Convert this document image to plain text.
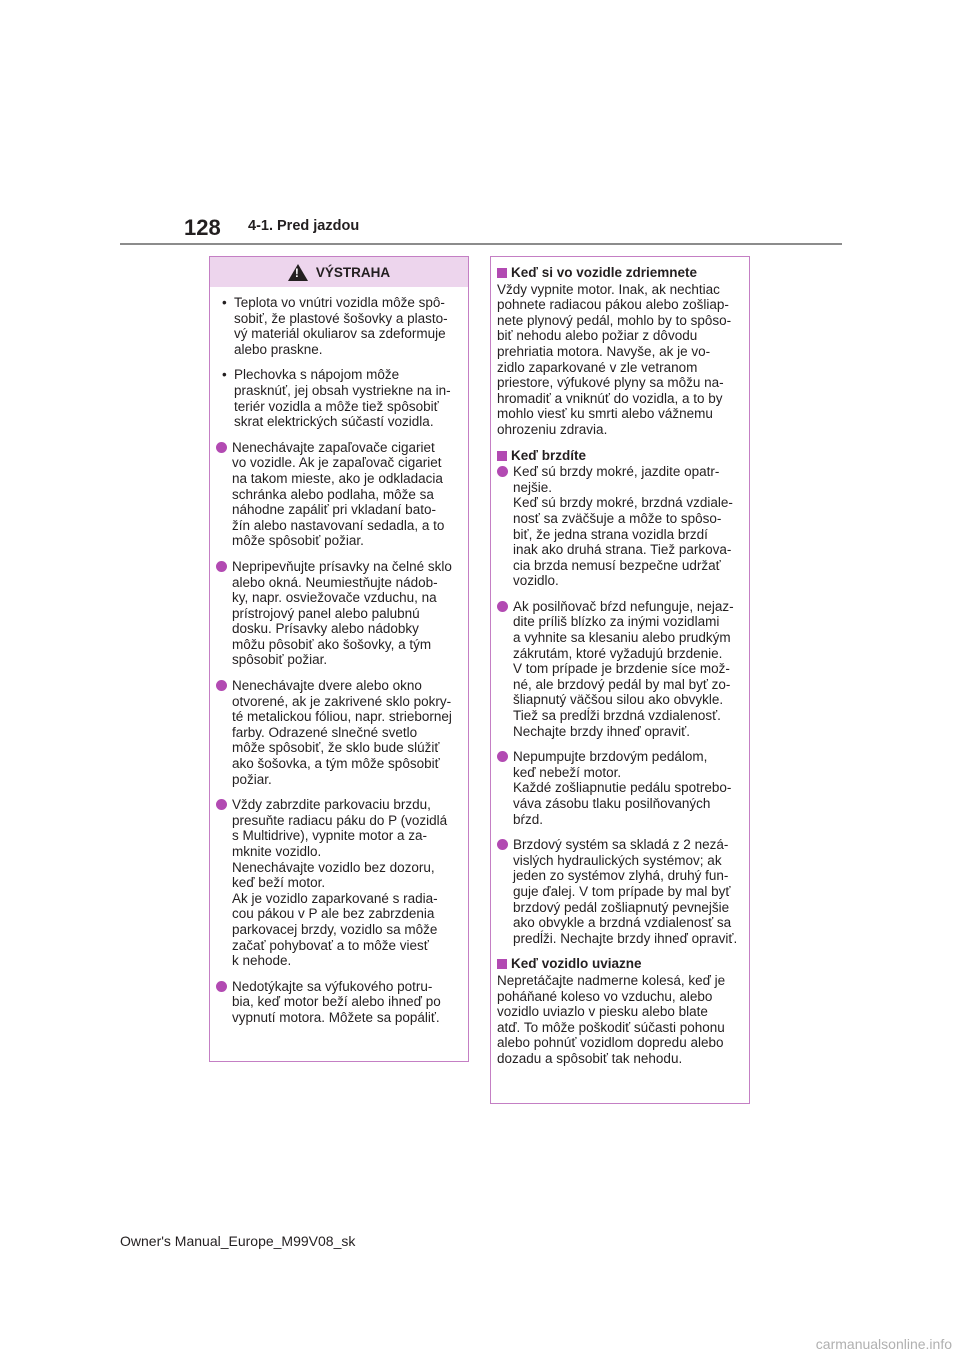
128 4-1. Pred jazdou
!
VÝSTRAHA
• Teplota vo vnútri vozidla môže spô-
sobiť, že plastové šošovky a plasto-
vý materiál okuliarov sa zdeformuje
alebo praskne.
• Plechovka s nápojom môže
prasknúť, jej obsah vystriekne na in-
teriér vozidla a môže tiež spôsobiť
skrat elektrických súčastí vozidla.
Nenechávajte zapaľovače cigariet
vo vozidle. Ak je zapaľovač cigariet
na takom mieste, ako je odkladacia
schránka alebo podlaha, môže sa
náhodne zapáliť pri vkladaní bato-
žín alebo nastavovaní sedadla, a to
môže spôsobiť požiar.
Nepripevňujte prísavky na čelné sklo
alebo okná. Neumiestňujte nádob-
ky, napr. osviežovače vzduchu, na
prístrojový panel alebo palubnú
dosku. Prísavky alebo nádobky
môžu pôsobiť ako šošovky, a tým
spôsobiť požiar.
Nenechávajte dvere alebo okno
otvorené, ak je zakrivené sklo pokry-
té metalickou fóliou, napr. striebornej
farby. Odrazené slnečné svetlo
môže spôsobiť, že sklo bude slúžiť
ako šošovka, a tým môže spôsobiť
požiar.
Vždy zabrzdite parkovaciu brzdu,
presuňte radiacu páku do P (vozidlá
s Multidrive), vypnite motor a za-
mknite vozidlo.
Nenechávajte vozidlo bez dozoru,
keď beží motor.
Ak je vozidlo zaparkované s radia-
cou pákou v P ale bez zabrzdenia
parkovacej brzdy, vozidlo sa môže
začať pohybovať a to môže viesť
k nehode.
Nedotýkajte sa výfukového potru-
bia, keď motor beží alebo ihneď po
vypnutí motora. Môžete sa popáliť.
Keď si vo vozidle zdriemnete
Vždy vypnite motor. Inak, ak nechtiac
pohnete radiacou pákou alebo zošliap-
nete plynový pedál, mohlo by to spôso-
biť nehodu alebo požiar z dôvodu
prehriatia motora. Navyše, ak je vo-
zidlo zaparkované v zle vetranom
priestore, výfukové plyny sa môžu na-
hromadiť a vniknúť do vozidla, a to by
mohlo viesť ku smrti alebo vážnemu
ohrozeniu zdravia.
Keď brzdíte
Keď sú brzdy mokré, jazdite opatr-
nejšie.
Keď sú brzdy mokré, brzdná vzdiale-
nosť sa zväčšuje a môže to spôso-
biť, že jedna strana vozidla brzdí
inak ako druhá strana. Tiež parkova-
cia brzda nemusí bezpečne udržať
vozidlo.
Ak posilňovač bŕzd nefunguje, nejaz-
dite príliš blízko za inými vozidlami
a vyhnite sa klesaniu alebo prudkým
zákrutám, ktoré vyžadujú brzdenie.
V tom prípade je brzdenie síce mož-
né, ale brzdový pedál by mal byť zo-
šliapnutý väčšou silou ako obvykle.
Tiež sa predĺži brzdná vzdialenosť.
Nechajte brzdy ihneď opraviť.
Nepumpujte brzdovým pedálom,
keď nebeží motor.
Každé zošliapnutie pedálu spotrebo-
váva zásobu tlaku posilňovaných
bŕzd.
Brzdový systém sa skladá z 2 nezá-
vislých hydraulických systémov; ak
jeden zo systémov zlyhá, druhý fun-
guje ďalej. V tom prípade by mal byť
brzdový pedál zošliapnutý pevnejšie
ako obvykle a brzdná vzdialenosť sa
predĺži. Nechajte brzdy ihneď opraviť.
Keď vozidlo uviazne
Nepretáčajte nadmerne kolesá, keď je
poháňané koleso vo vzduchu, alebo
vozidlo uviazlo v piesku alebo blate
atď. To môže poškodiť súčasti pohonu
alebo pohnúť vozidlom dopredu alebo
dozadu a spôsobiť tak nehodu.
Owner's Manual_Europe_M99V08_sk
carmanualsonline.info
